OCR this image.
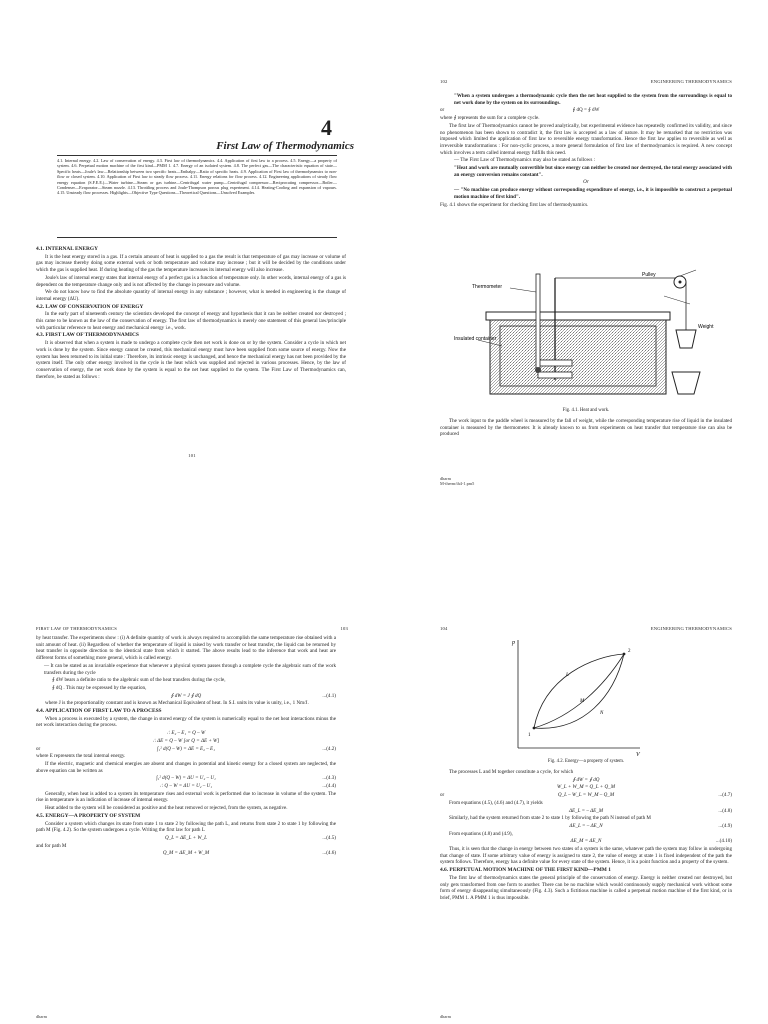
4
First Law of Thermodynamics
4.1. Internal energy. 4.2. Law of conservation of energy. 4.3. First law of thermodynamics. 4.4. Application of first law to a process. 4.5. Energy—a property of system. 4.6. Perpetual motion machine of the first kind—PMM 1. 4.7. Energy of an isolated system. 4.8. The perfect gas—The characteristic equation of state—Specific heats—Joule's law—Relationship between two specific heats—Enthalpy—Ratio of specific heats. 4.9. Application of First law of thermodynamics to non-flow or closed system. 4.10. Application of First law to steady flow process. 4.11. Energy relations for flow process. 4.12. Engineering applications of steady flow energy equation (S.F.E.E.)—Water turbine—Steam or gas turbine—Centrifugal water pump—Centrifugal compressor—Reciprocating compressor—Boiler—Condenser—Evaporator—Steam nozzle. 4.13. Throttling process and Joule-Thompson porous plug experiment. 4.14. Heating-Cooling and expansion of vapours. 4.15. Unsteady flow processes. Highlights—Objective Type Questions—Theoretical Questions—Unsolved Examples.

4.1. INTERNAL ENERGY

It is the heat energy stored in a gas. If a certain amount of heat is supplied to a gas the result is that temperature of gas may increase or volume of gas may increase thereby doing some external work or both temperature and volume may increase ; but it will be decided by the conditions under which the gas is supplied heat. If during heating of the gas the temperature increases its internal energy will also increase.

Joule's law of internal energy states that internal energy of a perfect gas is a function of temperature only. In other words, internal energy of a gas is dependent on the temperature change only and is not affected by the change in pressure and volume.

We do not know how to find the absolute quantity of internal energy in any substance ; however, what is needed in engineering is the change of internal energy (ΔU).

4.2. LAW OF CONSERVATION OF ENERGY

In the early part of nineteenth century the scientists developed the concept of energy and hypothesis that it can be neither created nor destroyed ; this came to be known as the law of the conservation of energy. The first law of thermodynamics is merely one statement of this general law/principle with particular reference to heat energy and mechanical energy i.e., work.

4.3. FIRST LAW OF THERMODYNAMICS

It is observed that when a system is made to undergo a complete cycle then net work is done on or by the system. Consider a cycle in which net work is done by the system. Since energy cannot be created, this mechanical energy must have been supplied from some source of energy. Now the system has been returned to its initial state : Therefore, its intrinsic energy is unchanged, and hence the mechanical energy has not been provided by the system itself. The only other energy involved in the cycle is the heat which was supplied and rejected in various processes. Hence, by the law of conservation of energy, the net work done by the system is equal to the net heat supplied to the system. The First Law of Thermodynamics can, therefore, be stated as follows :

101
102	ENGINEERING THERMODYNAMICS

"When a system undergoes a thermodynamic cycle then the net heat supplied to the system from the surroundings is equal to net work done by the system on its surroundings.

or	∮ dQ = ∮ dW

where ∮ represents the sum for a complete cycle.

The first law of Thermodynamics cannot be proved analytically, but experimental evidence has repeatedly confirmed its validity, and since no phenomenon has been shown to contradict it, the first law is accepted as a law of nature. It may be remarked that no restriction was imposed which limited the application of first law to reversible energy transformation. Hence the first law applies to reversible as well as irreversible transformations : For non-cyclic process, a more general formulation of first law of thermodynamics is required. A new concept which involves a term called internal energy fulfills this need.

— The First Law of Thermodynamics may also be stated as follows :

"Heat and work are mutually convertible but since energy can neither be created nor destroyed, the total energy associated with an energy conversion remains constant".

Or

— "No machine can produce energy without corresponding expenditure of energy, i.e., it is impossible to construct a perpetual motion machine of first kind".

Fig. 4.1 shows the experiment for checking first law of thermodynamics.

Pulley
Thermometer
Weight
Insulated container
Fig. 4.1. Heat and work.

The work input to the paddle wheel is measured by the fall of weight, while the corresponding temperature rise of liquid in the insulated container is measured by the thermometer. It is already known to us from experiments on heat transfer that temperature rise can also be produced

dharm
M-therm/th4-1.pm5
FIRST LAW OF THERMODYNAMICS	103

by heat transfer. The experiments show : (i) A definite quantity of work is always required to accomplish the same temperature rise obtained with a unit amount of heat. (ii) Regardless of whether the temperature of liquid is raised by work transfer or heat transfer, the liquid can be returned by heat transfer in opposite direction to the identical state from which it started. The above results lead to the inference that work and heat are different forms of something more general, which is called energy.

— It can be stated as an invariable experience that whenever a physical system passes through a complete cycle the algebraic sum of the work transfers during the cycle

∮ dW bears a definite ratio to the algebraic sum of the heat transfers during the cycle,

∮ dQ . This may be expressed by the equation,

∮ dW = J ∮ dQ	...(4.1)

where J is the proportionality constant and is known as Mechanical Equivalent of heat. In S.I. units its value is unity, i.e., 1 Nm/J.

4.4. APPLICATION OF FIRST LAW TO A PROCESS

When a process is executed by a system, the change in stored energy of the system is numerically equal to the net heat interactions minus the net work interaction during the process.

∴ E₂ – E₁ = Q – W

∴ ΔE = Q – W [or Q = ΔE + W]

or	∫₁² d(Q – W) = ΔE = E₂ – E₁	...(4.2)

where E represents the total internal energy.

If the electric, magnetic and chemical energies are absent and changes in potential and kinetic energy for a closed system are neglected, the above equation can be written as

∫₁² d(Q – W) = ΔU = U₂ – U₁	...(4.3)

∴ Q – W = ΔU = U₂ – U₁	...(4.4)

Generally, when heat is added to a system its temperature rises and external work is performed due to increase in volume of the system. The rise in temperature is an indication of increase of internal energy.

Heat added to the system will be considered as positive and the heat removed or rejected, from the system, as negative.

4.5. ENERGY—A PROPERTY OF SYSTEM

Consider a system which changes its state from state 1 to state 2 by following the path L, and returns from state 2 to state 1 by following the path M (Fig. 4.2). So the system undergoes a cycle. Writing the first law for path L

Q_L = ΔE_L + W_L	...(4.5)

and for path M

Q_M = ΔE_M + W_M	...(4.6)

dharm
104	ENGINEERING THERMODYNAMICS
p
V
1
2
L
M
N
Fig. 4.2. Energy—a property of system.

The processes L and M together constitute a cycle, for which

∮ dW = ∮ dQ

W_L + W_M = Q_L + Q_M

or	Q_L – W_L = W_M – Q_M	...(4.7)

From equations (4.5), (4.6) and (4.7), it yields

ΔE_L = – ΔE_M	...(4.8)

Similarly, had the system returned from state 2 to state 1 by following the path N instead of path M

ΔE_L = – ΔE_N	...(4.9)

From equations (4.8) and (4.9),

ΔE_M = ΔE_N	...(4.10)

Thus, it is seen that the change in energy between two states of a system is the same, whatever path the system may follow in undergoing that change of state. If some arbitrary value of energy is assigned to state 2, the value of energy at state 1 is fixed independent of the path the system follows. Therefore, energy has a definite value for every state of the system. Hence, it is a point function and a property of the system.

4.6. PERPETUAL MOTION MACHINE OF THE FIRST KIND—PMM 1

The first law of thermodynamics states the general principle of the conservation of energy. Energy is neither created nor destroyed, but only gets transformed from one form to another. There can be no machine which would continuously supply mechanical work without some form of energy disappearing simultaneously (Fig. 4.3). Such a fictitious machine is called a perpetual motion machine of the first kind, or in brief, PMM 1. A PMM 1 is thus impossible.

dharm
